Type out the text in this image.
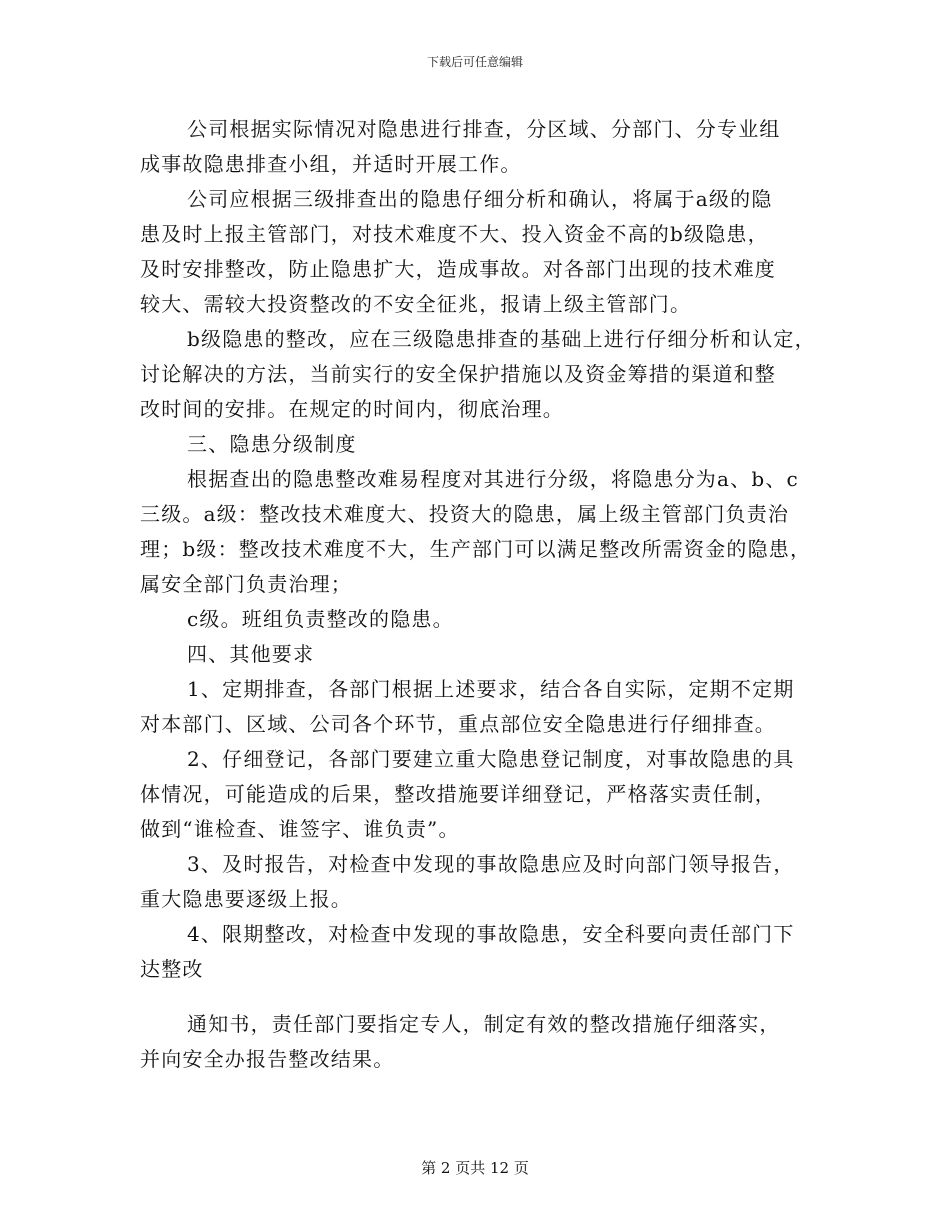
下载后可任意编辑
公司根据实际情况对隐患进行排查，分区域、分部门、分专业组
成事故隐患排查小组，并适时开展工作。
公司应根据三级排查出的隐患仔细分析和确认，将属于a级的隐
患及时上报主管部门，对技术难度不大、投入资金不高的b级隐患，
及时安排整改，防止隐患扩大，造成事故。对各部门出现的技术难度
较大、需较大投资整改的不安全征兆，报请上级主管部门。
b级隐患的整改，应在三级隐患排查的基础上进行仔细分析和认定，
讨论解决的方法，当前实行的安全保护措施以及资金筹措的渠道和整
改时间的安排。在规定的时间内，彻底治理。
三、隐患分级制度
根据查出的隐患整改难易程度对其进行分级，将隐患分为a、b、c
三级。a级：整改技术难度大、投资大的隐患，属上级主管部门负责治
理；b级：整改技术难度不大，生产部门可以满足整改所需资金的隐患，
属安全部门负责治理；
c级。班组负责整改的隐患。
四、其他要求
1、定期排查，各部门根据上述要求，结合各自实际，定期不定期
对本部门、区域、公司各个环节，重点部位安全隐患进行仔细排查。
2、仔细登记，各部门要建立重大隐患登记制度，对事故隐患的具
体情况，可能造成的后果，整改措施要详细登记，严格落实责任制，
做到“谁检查、谁签字、谁负责”。
3、及时报告，对检查中发现的事故隐患应及时向部门领导报告，
重大隐患要逐级上报。
4、限期整改，对检查中发现的事故隐患，安全科要向责任部门下
达整改
通知书，责任部门要指定专人，制定有效的整改措施仔细落实，
并向安全办报告整改结果。
第 2 页共 12 页
